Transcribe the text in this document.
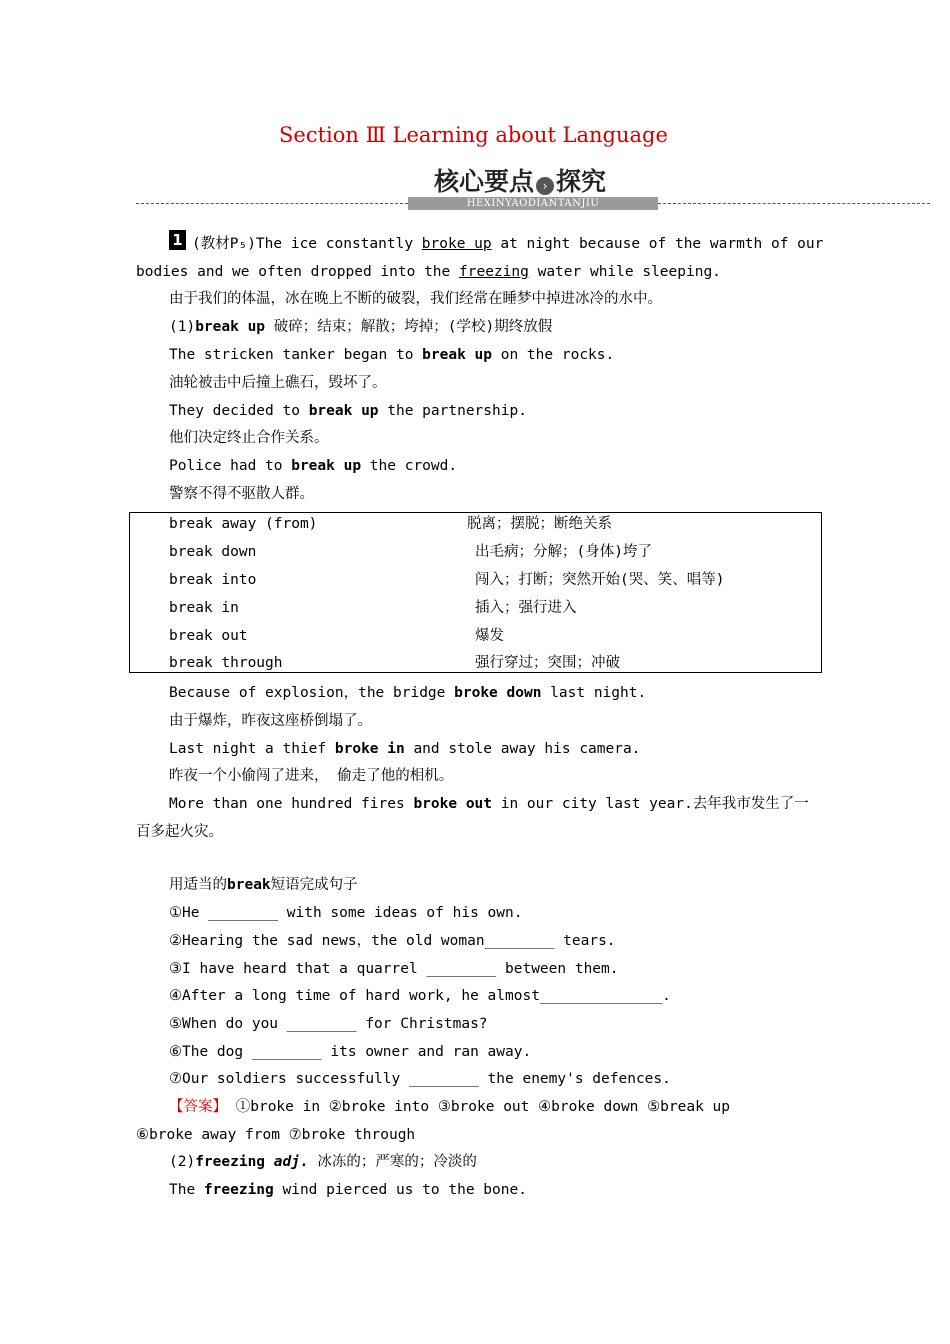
Section Ⅲ Learning about Language
核心要点 › 探究
HEXINYAODIANTANJIU
1 (教材P₅)The ice constantly broke up at night because of the warmth of our
bodies and we often dropped into the freezing water while sleeping.
由于我们的体温，冰在晚上不断的破裂，我们经常在睡梦中掉进冰冷的水中。
(1)break up 破碎；结束；解散；垮掉；(学校)期终放假
The stricken tanker began to break up on the rocks.
油轮被击中后撞上礁石，毁坏了。
They decided to break up the partnership.
他们决定终止合作关系。
Police had to break up the crowd.
警察不得不驱散人群。
break away (from)	脱离；摆脱；断绝关系
break down	出毛病；分解；(身体)垮了
break into	闯入；打断；突然开始(哭、笑、唱等)
break in	插入；强行进入
break out	爆发
break through	强行穿过；突围；冲破
Because of explosion，the bridge broke down last night.
由于爆炸，昨夜这座桥倒塌了。
Last night a thief broke in and stole away his camera.
昨夜一个小偷闯了进来， 偷走了他的相机。
More than one hundred fires broke out in our city last year.去年我市发生了一
百多起火灾。
用适当的break短语完成句子
①He ________ with some ideas of his own.
②Hearing the sad news，the old woman________ tears.
③I have heard that a quarrel ________ between them.
④After a long time of hard work, he almost______________.
⑤When do you ________ for Christmas?
⑥The dog ________ its owner and ran away.
⑦Our soldiers successfully ________ the enemy's defences.
【答案】 ①broke in ②broke into ③broke out ④broke down ⑤break up
⑥broke away from ⑦broke through
(2)freezing adj. 冰冻的；严寒的；冷淡的
The freezing wind pierced us to the bone.
